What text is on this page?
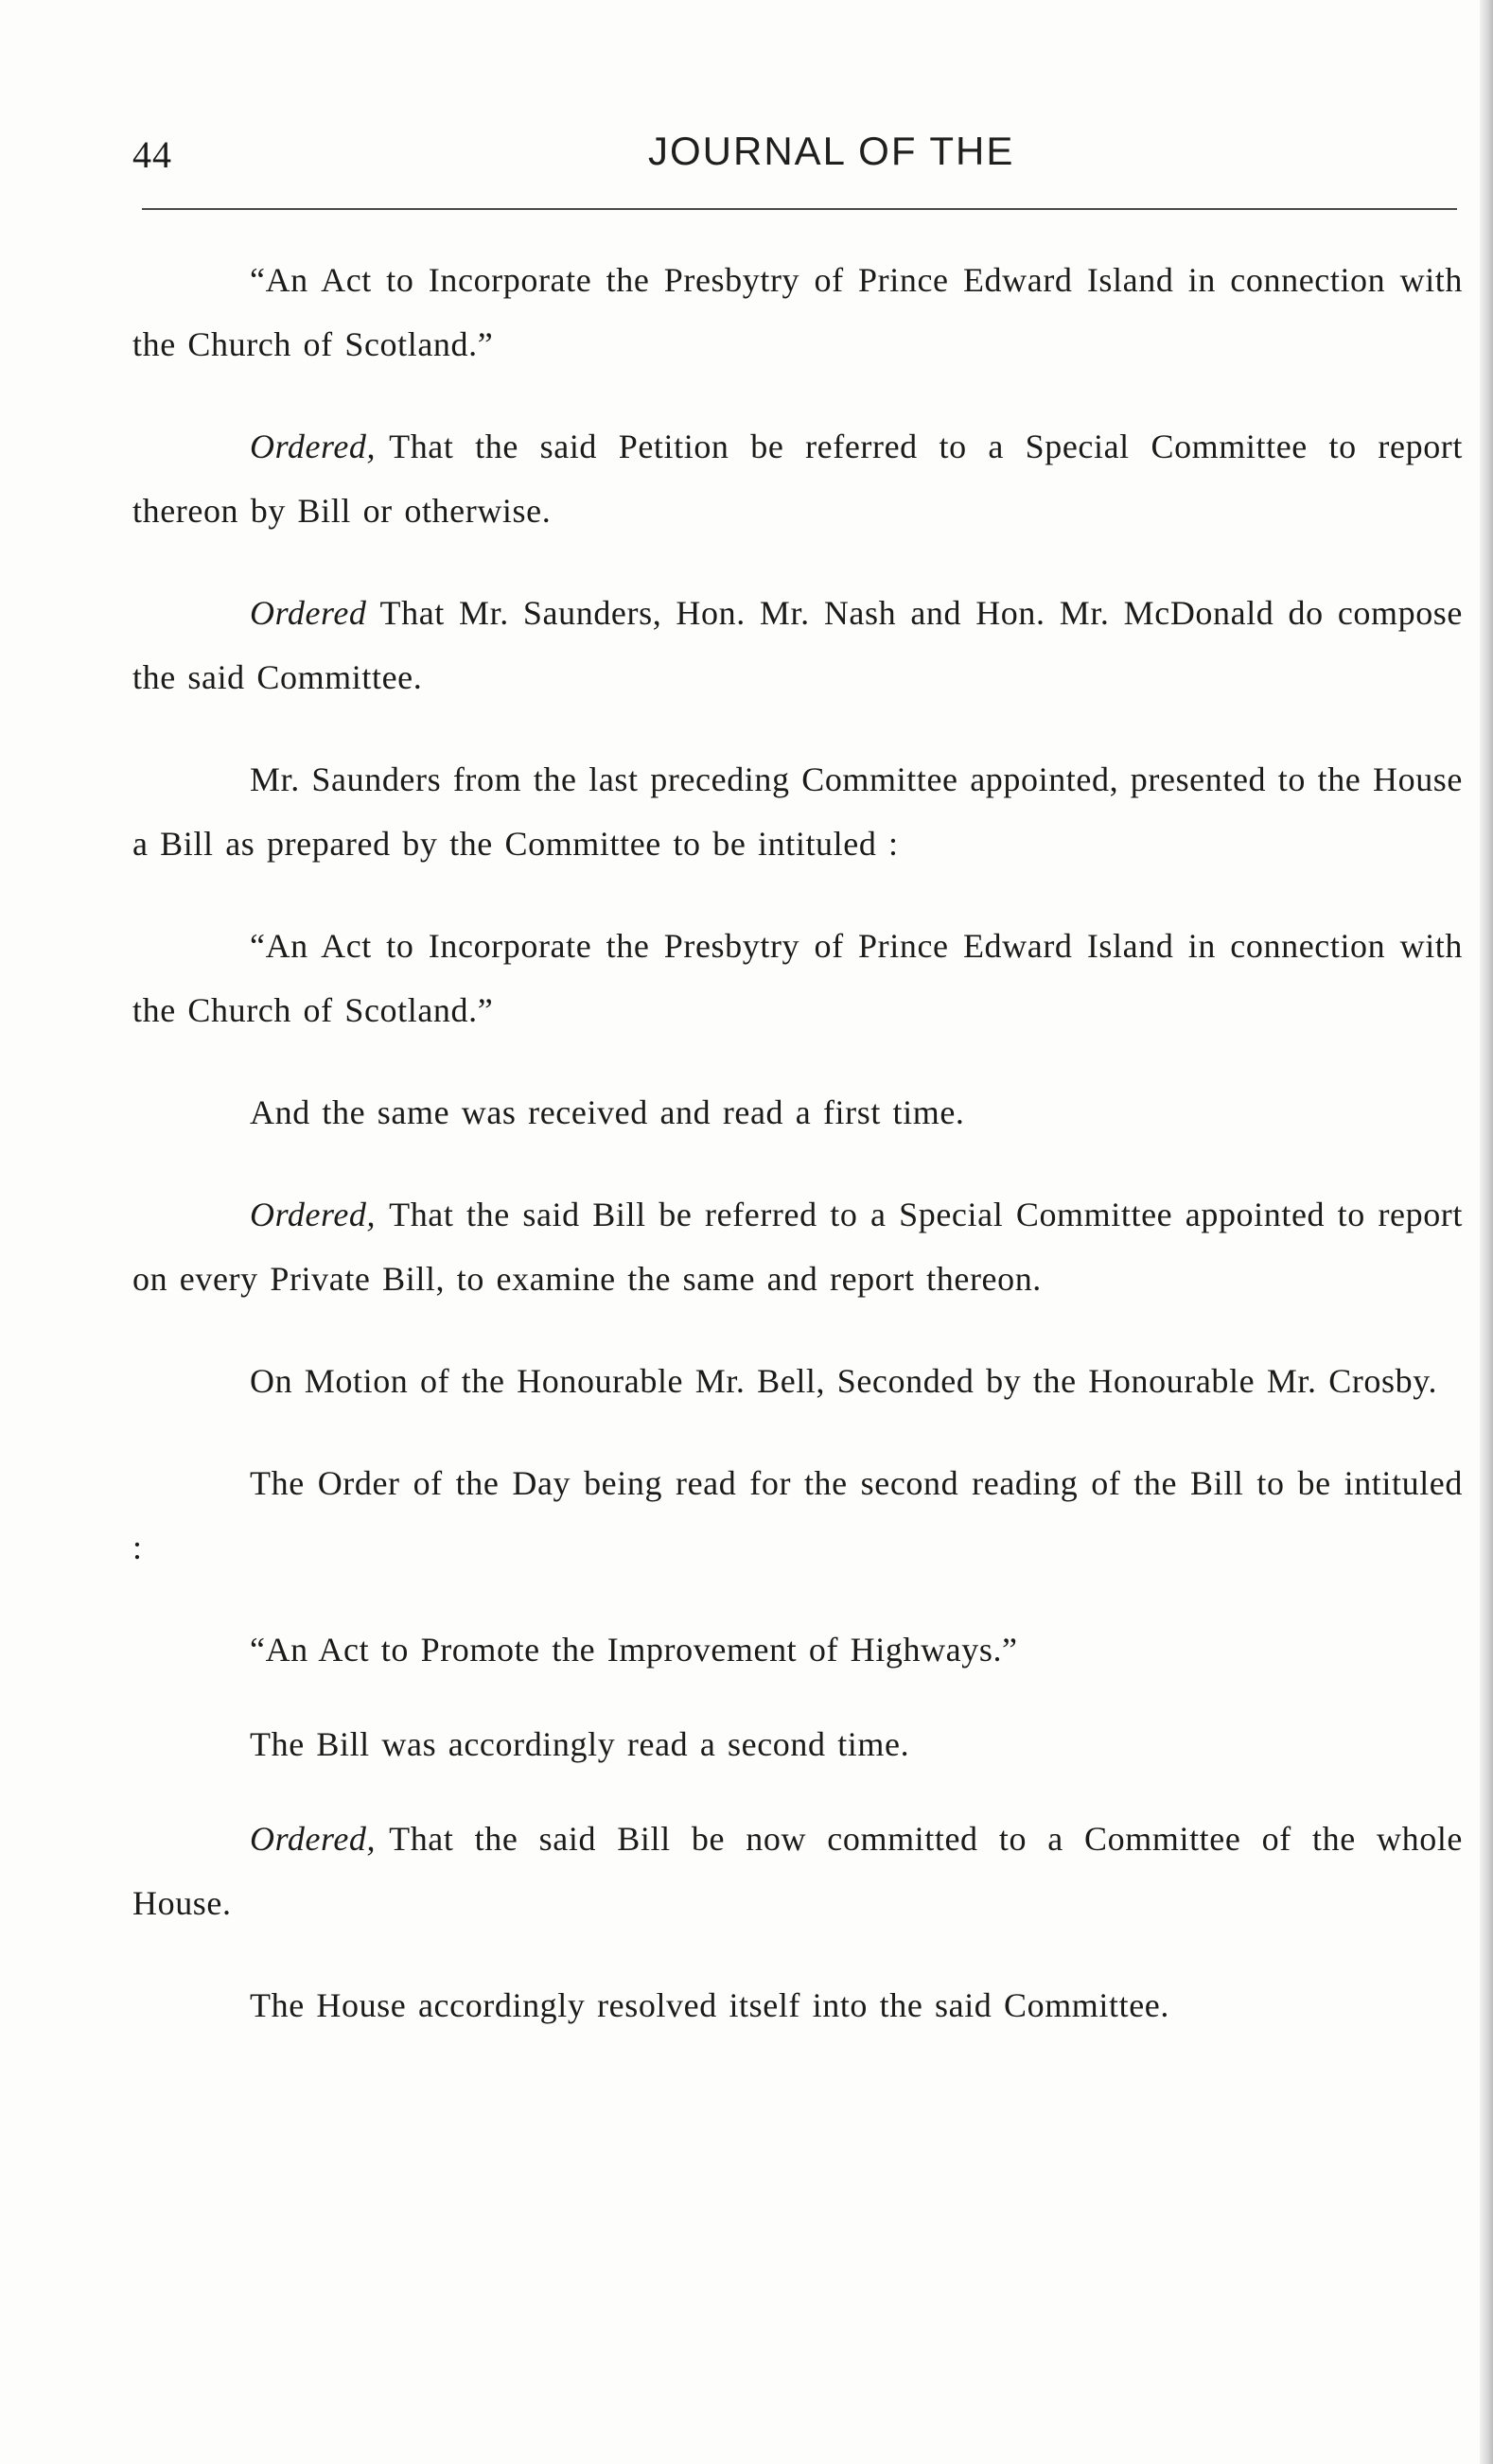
44	JOURNAL OF THE

“An Act to Incorporate the Presbytry of Prince Edward Island in connection with the Church of Scotland.”

Ordered, That the said Petition be referred to a Special Committee to report thereon by Bill or otherwise.

Ordered That Mr. Saunders, Hon. Mr. Nash and Hon. Mr. McDonald do compose the said Committee.

Mr. Saunders from the last preceding Committee appointed, presented to the House a Bill as prepared by the Committee to be intituled :

“An Act to Incorporate the Presbytry of Prince Edward Island in connection with the Church of Scotland.”

And the same was received and read a first time.

Ordered, That the said Bill be referred to a Special Committee appointed to report on every Private Bill, to examine the same and report thereon.

On Motion of the Honourable Mr. Bell, Seconded by the Honourable Mr. Crosby.

The Order of the Day being read for the second reading of the Bill to be intituled :

“An Act to Promote the Improvement of Highways.”

The Bill was accordingly read a second time.

Ordered, That the said Bill be now committed to a Committee of the whole House.

The House accordingly resolved itself into the said Committee.
